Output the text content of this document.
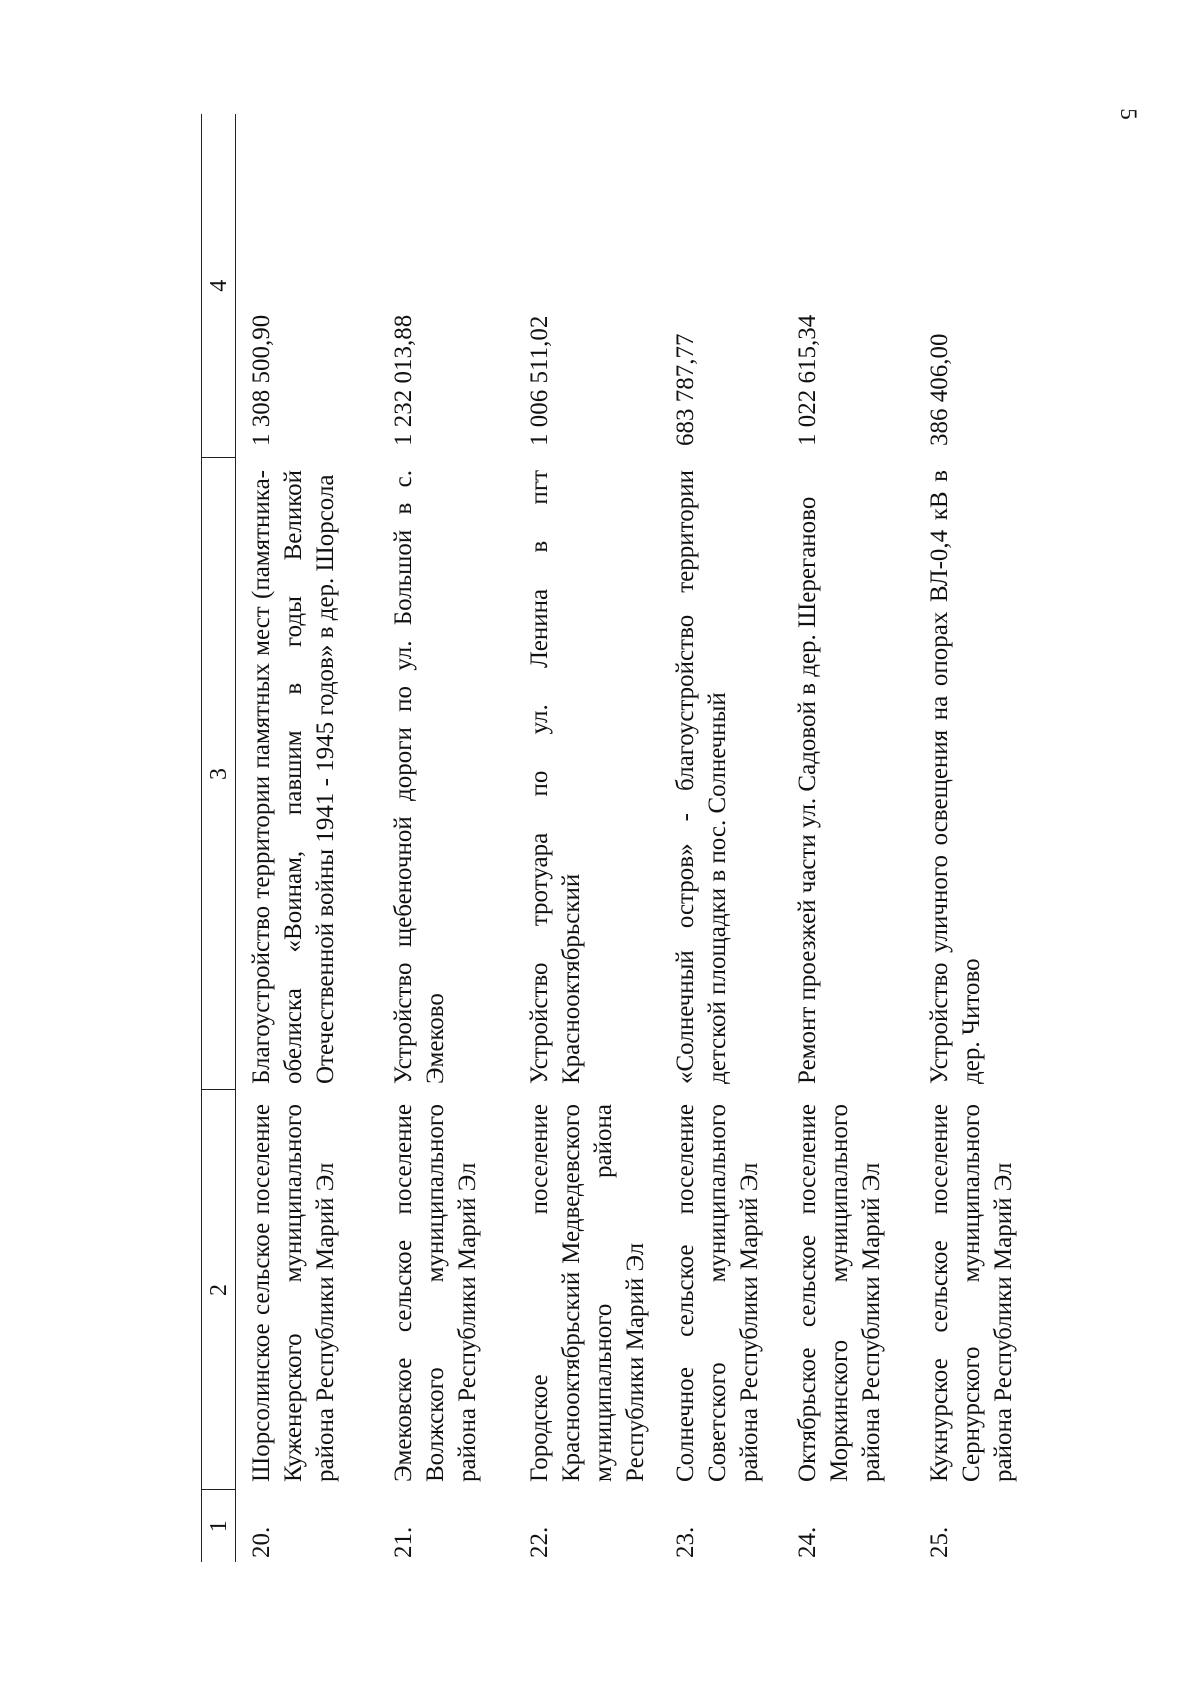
5
1	2	3	4
20.	Шорсолинское сельское поселение Куженерского муниципального района Республики Марий Эл	Благоустройство территории памятных мест (памятника-обелиска «Воинам, павшим в годы Великой Отечественной войны 1941 - 1945 годов» в дер. Шорсола	1 308 500,90
21.	Эмековское сельское поселение Волжского муниципального района Республики Марий Эл	Устройство щебеночной дороги по ул. Большой в с. Эмеково	1 232 013,88
22.	Городское поселение Краснооктябрьский Медведевского муниципального района Республики Марий Эл	Устройство тротуара по ул. Ленина в пгт Краснооктябрьский	1 006 511,02
23.	Солнечное сельское поселение Советского муниципального района Республики Марий Эл	«Солнечный остров» - благоустройство территории детской площадки в пос. Солнечный	683 787,77
24.	Октябрьское сельское поселение Моркинского муниципального района Республики Марий Эл	Ремонт проезжей части ул. Садовой в дер. Шереганово	1 022 615,34
25.	Кукнурское сельское поселение Сернурского муниципального района Республики Марий Эл	Устройство уличного освещения на опорах ВЛ-0,4 кВ в дер. Читово	386 406,00
